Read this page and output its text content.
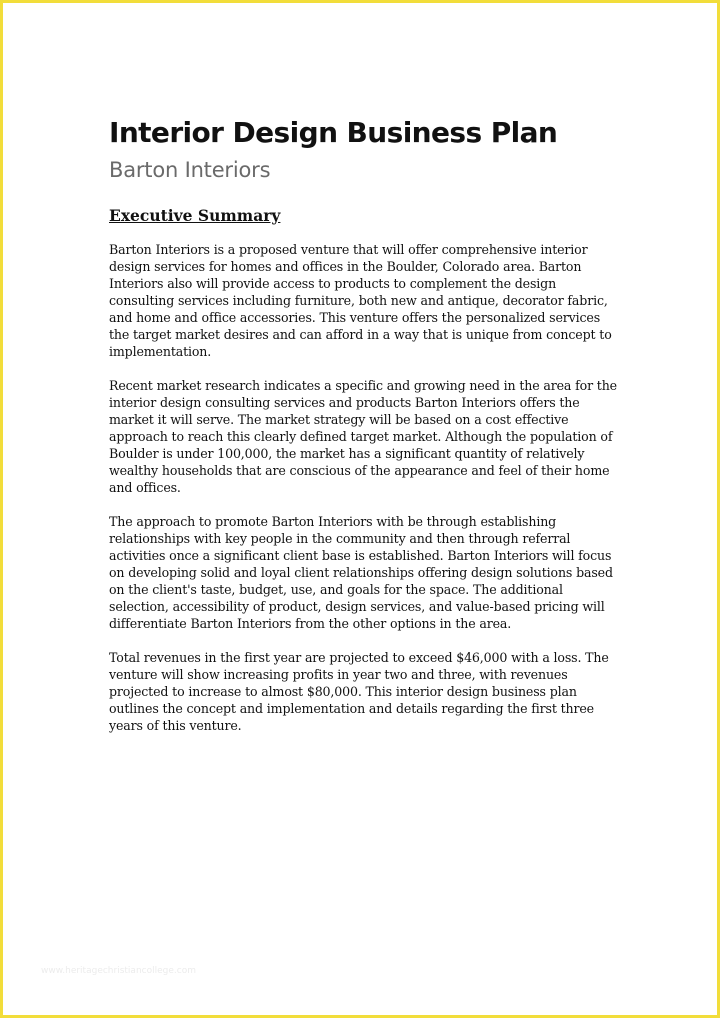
Interior Design Business Plan
Barton Interiors
Executive Summary

Barton Interiors is a proposed venture that will offer comprehensive interior
design services for homes and offices in the Boulder, Colorado area. Barton
Interiors also will provide access to products to complement the design
consulting services including furniture, both new and antique, decorator fabric,
and home and office accessories. This venture offers the personalized services
the target market desires and can afford in a way that is unique from concept to
implementation.

Recent market research indicates a specific and growing need in the area for the
interior design consulting services and products Barton Interiors offers the
market it will serve. The market strategy will be based on a cost effective
approach to reach this clearly defined target market. Although the population of
Boulder is under 100,000, the market has a significant quantity of relatively
wealthy households that are conscious of the appearance and feel of their home
and offices.

The approach to promote Barton Interiors with be through establishing
relationships with key people in the community and then through referral
activities once a significant client base is established. Barton Interiors will focus
on developing solid and loyal client relationships offering design solutions based
on the client's taste, budget, use, and goals for the space. The additional
selection, accessibility of product, design services, and value-based pricing will
differentiate Barton Interiors from the other options in the area.

Total revenues in the first year are projected to exceed $46,000 with a loss. The
venture will show increasing profits in year two and three, with revenues
projected to increase to almost $80,000. This interior design business plan
outlines the concept and implementation and details regarding the first three
years of this venture.

www.heritagechristiancollege.com
